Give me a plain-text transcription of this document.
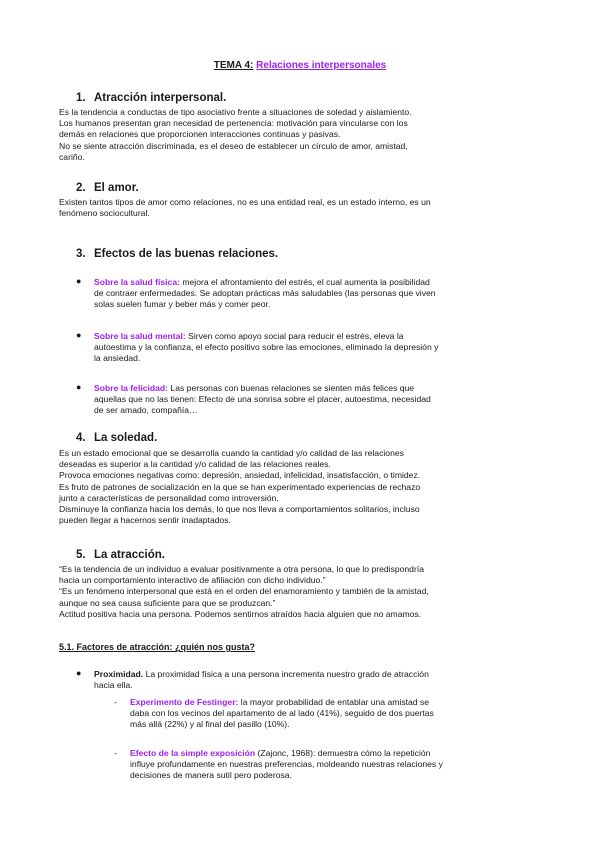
TEMA 4: Relaciones interpersonales
1. Atracción interpersonal.
Es la tendencia a conductas de tipo asociativo frente a situaciones de soledad y aislamiento.
Los humanos presentan gran necesidad de pertenencia: motivación para vincularse con los
demás en relaciones que proporcionen interacciones continuas y pasivas.
No se siente atracción discriminada, es el deseo de establecer un círculo de amor, amistad,
cariño.
2. El amor.
Existen tantos tipos de amor como relaciones, no es una entidad real, es un estado interno, es un
fenómeno sociocultural.
3. Efectos de las buenas relaciones.
● Sobre la salud física: mejora el afrontamiento del estrés, el cual aumenta la posibilidad
de contraer enfermedades. Se adoptan prácticas más saludables (las personas que viven
solas suelen fumar y beber más y comer peor.
● Sobre la salud mental: Sirven como apoyo social para reducir el estrés, eleva la
autoestima y la confianza, el efecto positivo sobre las emociones, eliminado la depresión y
la ansiedad.
● Sobre la felicidad: Las personas con buenas relaciones se sienten más felices que
aquellas que no las tienen: Efecto de una sonrisa sobre el placer, autoestima, necesidad
de ser amado, compañía…
4. La soledad.
Es un estado emocional que se desarrolla cuando la cantidad y/o calidad de las relaciones
deseadas es superior a la cantidad y/o calidad de las relaciones reales.
Provoca emociones negativas como: depresión, ansiedad, infelicidad, insatisfacción, o timidez.
Es fruto de patrones de socialización en la que se han experimentado experiencias de rechazo
junto a características de personalidad como introversión.
Disminuye la confianza hacia los demás, lo que nos lleva a comportamientos solitarios, incluso
pueden llegar a hacernos sentir inadaptados.
5. La atracción.
“Es la tendencia de un individuo a evaluar positivamente a otra persona, lo que lo predispondría
hacia un comportamiento interactivo de afiliación con dicho individuo.”
“Es un fenómeno interpersonal que está en el orden del enamoramiento y también de la amistad,
aunque no sea causa suficiente para que se produzcan.”
Actitud positiva hacia una persona. Podemos sentirnos atraídos hacia alguien que no amamos.
5.1. Factores de atracción: ¿quién nos gusta?
● Proximidad. La proximidad física a una persona incrementa nuestro grado de atracción
hacia ella.
- Experimento de Festinger: la mayor probabilidad de entablar una amistad se
daba con los vecinos del apartamento de al lado (41%), seguido de dos puertas
más allá (22%) y al final del pasillo (10%).
- Efecto de la simple exposición (Zajonc, 1968): demuestra cómo la repetición
influye profundamente en nuestras preferencias, moldeando nuestras relaciones y
decisiones de manera sutil pero poderosa.
